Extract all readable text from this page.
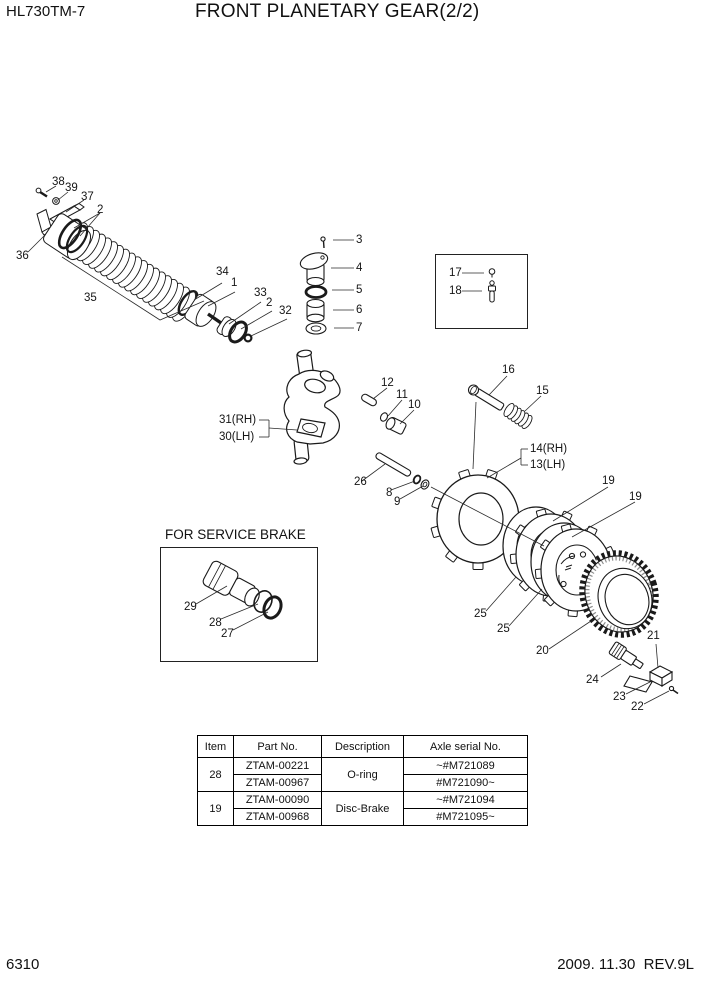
HL730TM-7	FRONT PLANETARY GEAR(2/2)
FOR SERVICE BRAKE
38 39
37
2
36
35
34
1
33
2
32
3
4
5
6
7
17
18
16
15
12
11
10
31(RH)
30(LH)
26
8
9
14(RH)
13(LH)
19
19
25
25
20
24
21
23
22
29
28
27
Item	Part No.	Description	Axle serial No.
28	ZTAM-00221	O-ring	~#M721089
	ZTAM-00967		#M721090~
19	ZTAM-00090	Disc-Brake	~#M721094
	ZTAM-00968		#M721095~
6310	2009. 11.30  REV.9L
